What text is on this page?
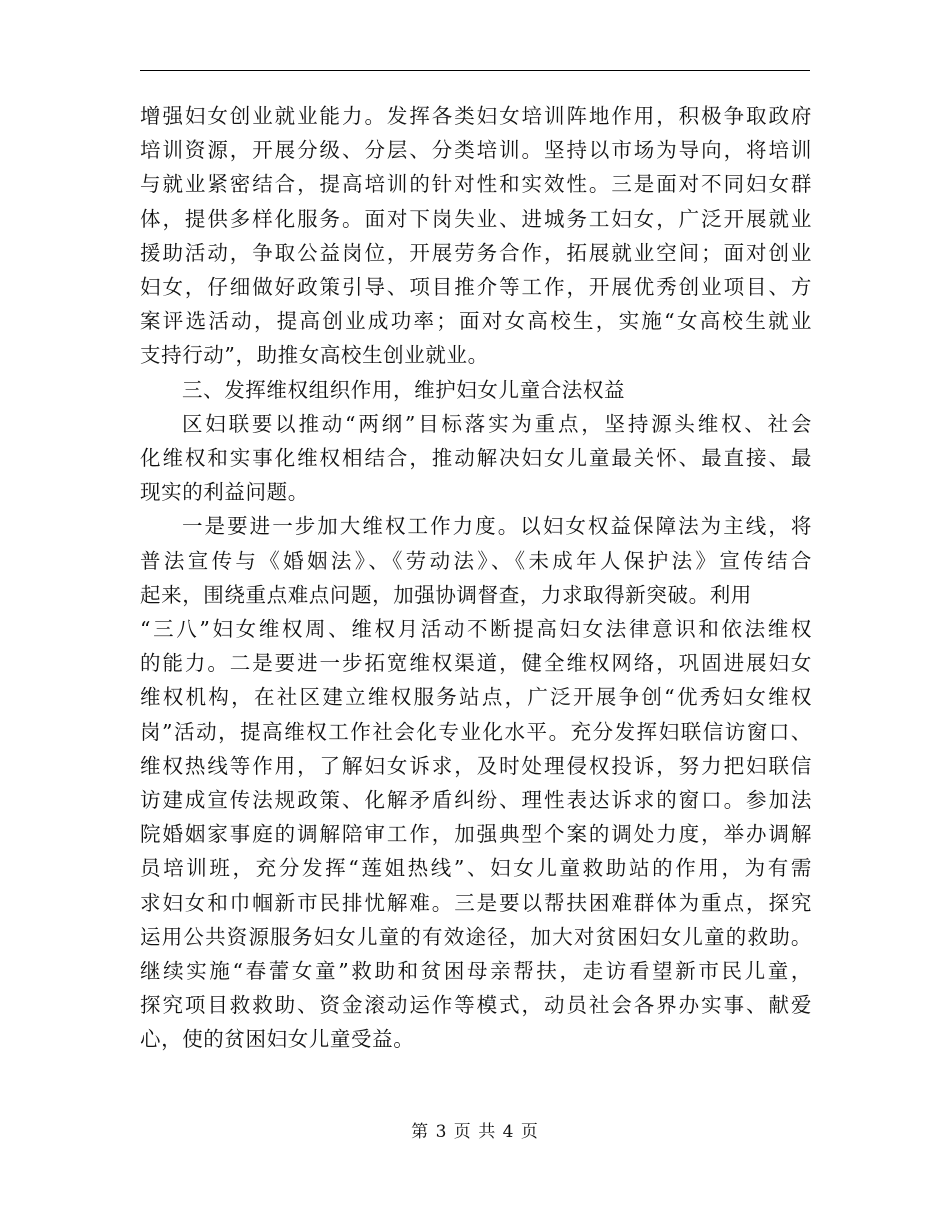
增强妇女创业就业能力。发挥各类妇女培训阵地作用，积极争取政府
培训资源，开展分级、分层、分类培训。坚持以市场为导向，将培训
与就业紧密结合，提高培训的针对性和实效性。三是面对不同妇女群
体，提供多样化服务。面对下岗失业、进城务工妇女，广泛开展就业
援助活动，争取公益岗位，开展劳务合作，拓展就业空间；面对创业
妇女，仔细做好政策引导、项目推介等工作，开展优秀创业项目、方
案评选活动，提高创业成功率；面对女高校生，实施“女高校生就业
支持行动”，助推女高校生创业就业。
三、发挥维权组织作用，维护妇女儿童合法权益
区妇联要以推动“两纲”目标落实为重点，坚持源头维权、社会
化维权和实事化维权相结合，推动解决妇女儿童最关怀、最直接、最
现实的利益问题。
一是要进一步加大维权工作力度。以妇女权益保障法为主线，将
普法宣传与《婚姻法》、《劳动法》、《未成年人保护法》宣传结合
起来，围绕重点难点问题，加强协调督查，力求取得新突破。利用
“三八”妇女维权周、维权月活动不断提高妇女法律意识和依法维权
的能力。二是要进一步拓宽维权渠道，健全维权网络，巩固进展妇女
维权机构，在社区建立维权服务站点，广泛开展争创“优秀妇女维权
岗”活动，提高维权工作社会化专业化水平。充分发挥妇联信访窗口、
维权热线等作用，了解妇女诉求，及时处理侵权投诉，努力把妇联信
访建成宣传法规政策、化解矛盾纠纷、理性表达诉求的窗口。参加法
院婚姻家事庭的调解陪审工作，加强典型个案的调处力度，举办调解
员培训班，充分发挥“莲姐热线”、妇女儿童救助站的作用，为有需
求妇女和巾帼新市民排忧解难。三是要以帮扶困难群体为重点，探究
运用公共资源服务妇女儿童的有效途径，加大对贫困妇女儿童的救助。
继续实施“春蕾女童”救助和贫困母亲帮扶，走访看望新市民儿童，
探究项目救救助、资金滚动运作等模式，动员社会各界办实事、献爱
心，使的贫困妇女儿童受益。
第 3 页 共 4 页
